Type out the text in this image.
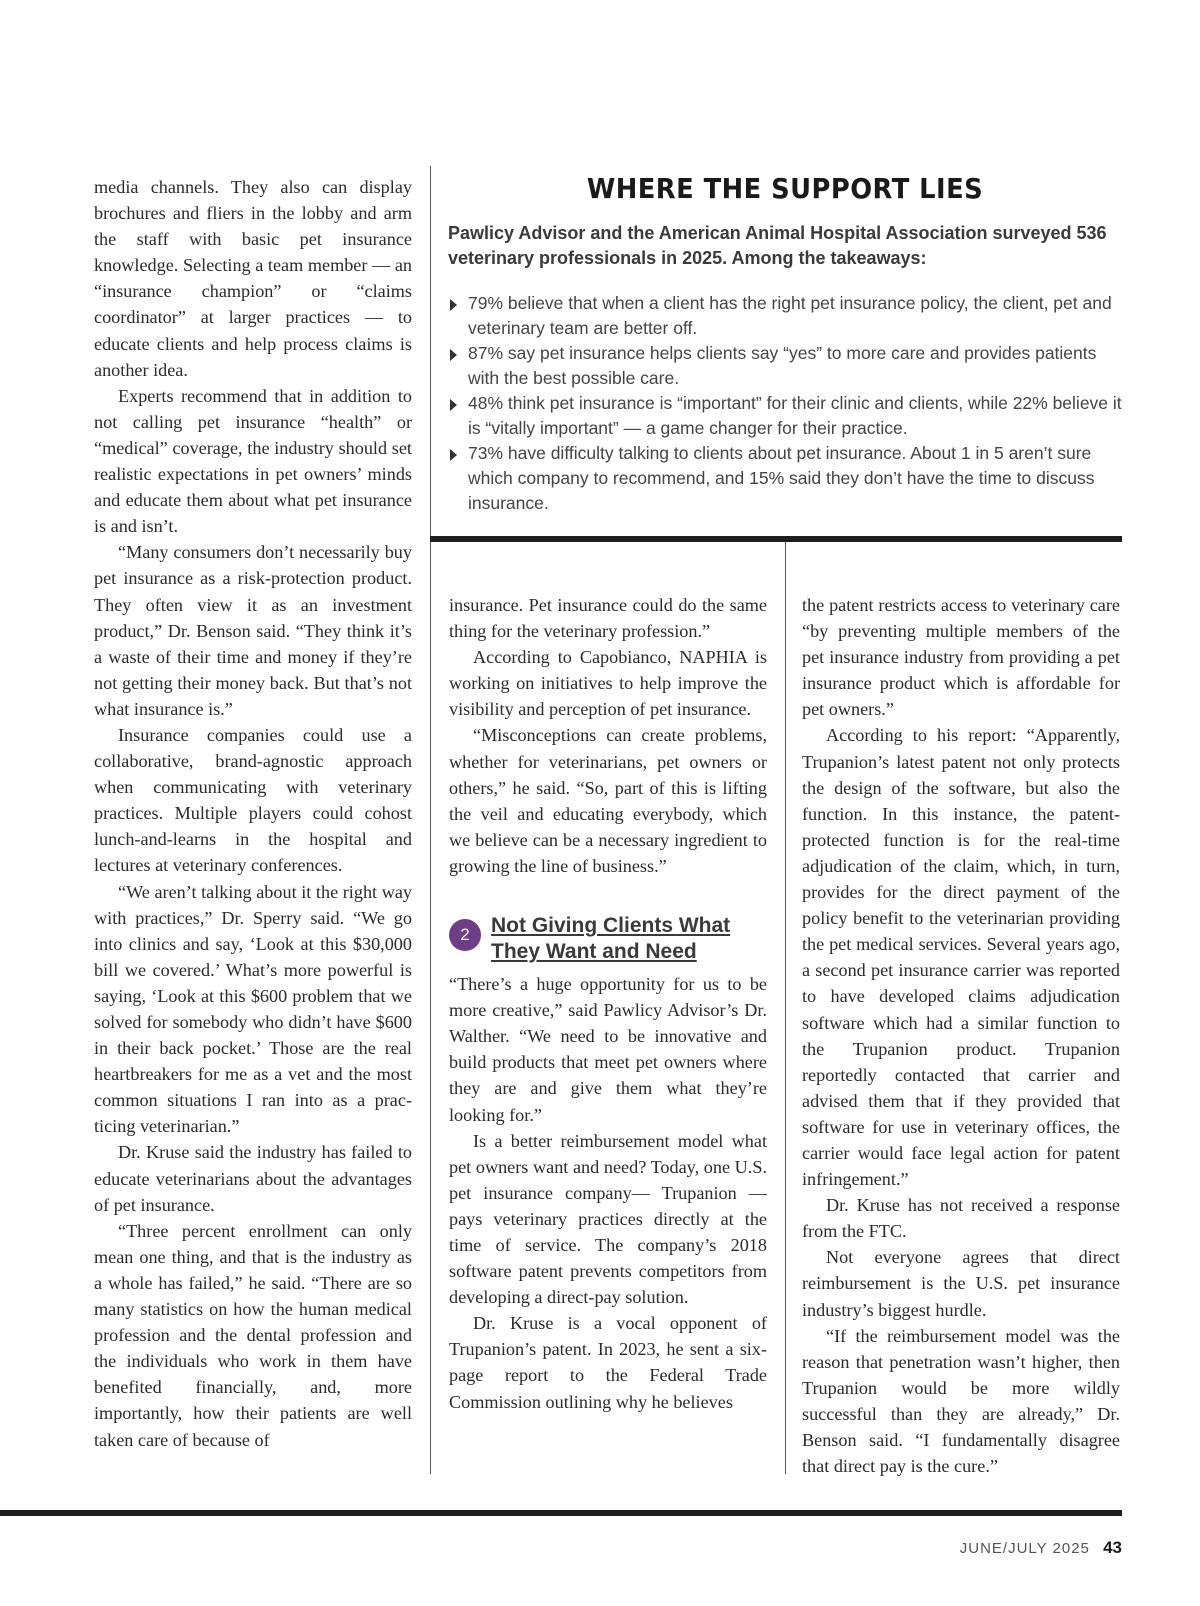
media channels. They also can display brochures and fliers in the lobby and arm the staff with basic pet insurance knowledge. Selecting a team member — an “insurance champion” or “claims coordinator” at larger practices — to educate clients and help process claims is another idea.

Experts recommend that in addition to not calling pet insurance “health” or “medical” coverage, the industry should set realistic expectations in pet owners’ minds and educate them about what pet insurance is and isn’t.

“Many consumers don’t necessarily buy pet insurance as a risk-protection product. They often view it as an investment product,” Dr. Benson said. “They think it’s a waste of their time and money if they’re not getting their money back. But that’s not what insurance is.”

Insurance companies could use a collaborative, brand-agnostic approach when communicating with veterinary practices. Multiple players could cohost lunch-and-learns in the hospital and lectures at veterinary conferences.

“We aren’t talking about it the right way with practices,” Dr. Sperry said. “We go into clinics and say, ‘Look at this $30,000 bill we covered.’ What’s more powerful is saying, ‘Look at this $600 problem that we solved for somebody who didn’t have $600 in their back pocket.’ Those are the real heartbreakers for me as a vet and the most common situations I ran into as a practicing veterinarian.”

Dr. Kruse said the industry has failed to educate veterinarians about the advantages of pet insurance.

“Three percent enrollment can only mean one thing, and that is the industry as a whole has failed,” he said. “There are so many statistics on how the human medical profession and the dental profession and the individuals who work in them have benefited financially, and, more importantly, how their patients are well taken care of because of

WHERE THE SUPPORT LIES

Pawlicy Advisor and the American Animal Hospital Association surveyed 536 veterinary professionals in 2025. Among the takeaways:

79% believe that when a client has the right pet insurance policy, the client, pet and veterinary team are better off.
87% say pet insurance helps clients say “yes” to more care and provides patients with the best possible care.
48% think pet insurance is “important” for their clinic and clients, while 22% believe it is “vitally important” — a game changer for their practice.
73% have difficulty talking to clients about pet insurance. About 1 in 5 aren’t sure which company to recommend, and 15% said they don’t have the time to discuss insurance.

insurance. Pet insurance could do the same thing for the veterinary profession.”

According to Capobianco, NAPHIA is working on initiatives to help improve the visibility and perception of pet insurance.

“Misconceptions can create problems, whether for veterinarians, pet owners or others,” he said. “So, part of this is lifting the veil and educating everybody, which we believe can be a necessary ingredient to growing the line of business.”

2	Not Giving Clients What They Want and Need

“There’s a huge opportunity for us to be more creative,” said Pawlicy Advisor’s Dr. Walther. “We need to be innovative and build products that meet pet owners where they are and give them what they’re looking for.”

Is a better reimbursement model what pet owners want and need? Today, one U.S. pet insurance company— Trupanion — pays veterinary practices directly at the time of service. The company’s 2018 software patent prevents competitors from developing a direct-pay solution.

Dr. Kruse is a vocal opponent of Trupanion’s patent. In 2023, he sent a six-page report to the Federal Trade Commission outlining why he believes

the patent restricts access to veterinary care “by preventing multiple members of the pet insurance industry from providing a pet insurance product which is affordable for pet owners.”

According to his report: “Apparently, Trupanion’s latest patent not only protects the design of the software, but also the function. In this instance, the patent-protected function is for the real-time adjudication of the claim, which, in turn, provides for the direct payment of the policy benefit to the veterinarian providing the pet medical services. Several years ago, a second pet insurance carrier was reported to have developed claims adjudication software which had a similar function to the Trupanion product. Trupanion reportedly contacted that carrier and advised them that if they provided that software for use in veterinary offices, the carrier would face legal action for patent infringement.”

Dr. Kruse has not received a response from the FTC.

Not everyone agrees that direct reimbursement is the U.S. pet insurance industry’s biggest hurdle.

“If the reimbursement model was the reason that penetration wasn’t higher, then Trupanion would be more wildly successful than they are already,” Dr. Benson said. “I fundamentally disagree that direct pay is the cure.”

JUNE/JULY 2025 43
